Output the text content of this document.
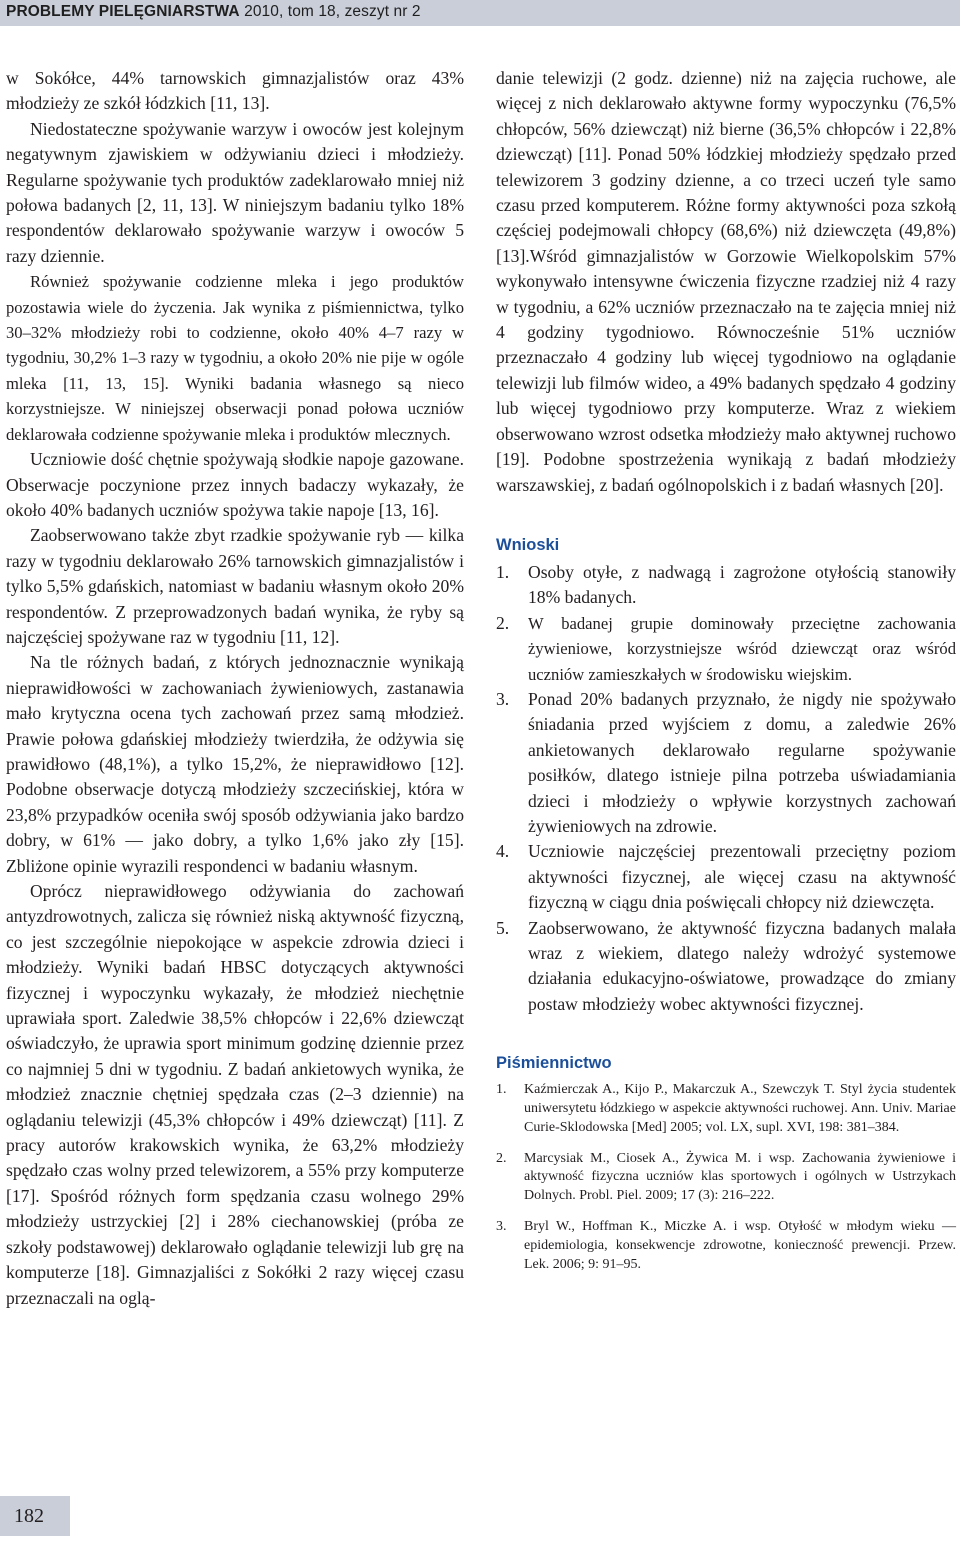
PROBLEMY PIELĘGNIARSTWA 2010, tom 18, zeszyt nr 2

w Sokółce, 44% tarnowskich gimnazjalistów oraz 43% młodzieży ze szkół łódzkich [11, 13].

Niedostateczne spożywanie warzyw i owoców jest kolejnym negatywnym zjawiskiem w odżywianiu dzieci i młodzieży. Regularne spożywanie tych produktów zadeklarowało mniej niż połowa badanych [2, 11, 13]. W niniejszym badaniu tylko 18% respondentów deklarowało spożywanie warzyw i owoców 5 razy dziennie.

Również spożywanie codzienne mleka i jego produktów pozostawia wiele do życzenia. Jak wynika z piśmiennictwa, tylko 30–32% młodzieży robi to codzienne, około 40% 4–7 razy w tygodniu, 30,2% 1–3 razy w tygodniu, a około 20% nie pije w ogóle mleka [11, 13, 15]. Wyniki badania własnego są nieco korzystniejsze. W niniejszej obserwacji ponad połowa uczniów deklarowała codzienne spożywanie mleka i produktów mlecznych.

Uczniowie dość chętnie spożywają słodkie napoje gazowane. Obserwacje poczynione przez innych badaczy wykazały, że około 40% badanych uczniów spożywa takie napoje [13, 16].

Zaobserwowano także zbyt rzadkie spożywanie ryb — kilka razy w tygodniu deklarowało 26% tarnowskich gimnazjalistów i tylko 5,5% gdańskich, natomiast w badaniu własnym około 20% respondentów. Z przeprowadzonych badań wynika, że ryby są najczęściej spożywane raz w tygodniu [11, 12].

Na tle różnych badań, z których jednoznacznie wynikają nieprawidłowości w zachowaniach żywieniowych, zastanawia mało krytyczna ocena tych zachowań przez samą młodzież. Prawie połowa gdańskiej młodzieży twierdziła, że odżywia się prawidłowo (48,1%), a tylko 15,2%, że nieprawidłowo [12]. Podobne obserwacje dotyczą młodzieży szczecińskiej, która w 23,8% przypadków oceniła swój sposób odżywiania jako bardzo dobry, w 61% — jako dobry, a tylko 1,6% jako zły [15]. Zbliżone opinie wyrazili respondenci w badaniu własnym.

Oprócz nieprawidłowego odżywiania do zachowań antyzdrowotnych, zalicza się również niską aktywność fizyczną, co jest szczególnie niepokojące w aspekcie zdrowia dzieci i młodzieży. Wyniki badań HBSC dotyczących aktywności fizycznej i wypoczynku wykazały, że młodzież niechętnie uprawiała sport. Zaledwie 38,5% chłopców i 22,6% dziewcząt oświadczyło, że uprawia sport minimum godzinę dziennie przez co najmniej 5 dni w tygodniu. Z badań ankietowych wynika, że młodzież znacznie chętniej spędzała czas (2–3 dziennie) na oglądaniu telewizji (45,3% chłopców i 49% dziewcząt) [11]. Z pracy autorów krakowskich wynika, że 63,2% młodzieży spędzało czas wolny przed telewizorem, a 55% przy komputerze [17]. Spośród różnych form spędzania czasu wolnego 29% młodzieży ustrzyckiej [2] i 28% ciechanowskiej (próba ze szkoły podstawowej) deklarowało oglądanie telewizji lub grę na komputerze [18]. Gimnazjaliści z Sokółki 2 razy więcej czasu przeznaczali na oglą-

danie telewizji (2 godz. dzienne) niż na zajęcia ruchowe, ale więcej z nich deklarowało aktywne formy wypoczynku (76,5% chłopców, 56% dziewcząt) niż bierne (36,5% chłopców i 22,8% dziewcząt) [11]. Ponad 50% łódzkiej młodzieży spędzało przed telewizorem 3 godziny dzienne, a co trzeci uczeń tyle samo czasu przed komputerem. Różne formy aktywności poza szkołą częściej podejmowali chłopcy (68,6%) niż dziewczęta (49,8%) [13].Wśród gimnazjalistów w Gorzowie Wielkopolskim 57% wykonywało intensywne ćwiczenia fizyczne rzadziej niż 4 razy w tygodniu, a 62% uczniów przeznaczało na te zajęcia mniej niż 4 godziny tygodniowo. Równocześnie 51% uczniów przeznaczało 4 godziny lub więcej tygodniowo na oglądanie telewizji lub filmów wideo, a 49% badanych spędzało 4 godziny lub więcej tygodniowo przy komputerze. Wraz z wiekiem obserwowano wzrost odsetka młodzieży mało aktywnej ruchowo [19]. Podobne spostrzeżenia wynikają z badań młodzieży warszawskiej, z badań ogólnopolskich i z badań własnych [20].

Wnioski
1.	Osoby otyłe, z nadwagą i zagrożone otyłością stanowiły 18% badanych.
2.	W badanej grupie dominowały przeciętne zachowania żywieniowe, korzystniejsze wśród dziewcząt oraz wśród uczniów zamieszkałych w środowisku wiejskim.
3.	Ponad 20% badanych przyznało, że nigdy nie spożywało śniadania przed wyjściem z domu, a zaledwie 26% ankietowanych deklarowało regularne spożywanie posiłków, dlatego istnieje pilna potrzeba uświadamiania dzieci i młodzieży o wpływie korzystnych zachowań żywieniowych na zdrowie.
4.	Uczniowie najczęściej prezentowali przeciętny poziom aktywności fizycznej, ale więcej czasu na aktywność fizyczną w ciągu dnia poświęcali chłopcy niż dziewczęta.
5.	Zaobserwowano, że aktywność fizyczna badanych malała wraz z wiekiem, dlatego należy wdrożyć systemowe działania edukacyjno-oświatowe, prowadzące do zmiany postaw młodzieży wobec aktywności fizycznej.
Piśmiennictwo
1.	Kaźmierczak A., Kijo P., Makarczuk A., Szewczyk T. Styl życia studentek uniwersytetu łódzkiego w aspekcie aktywności ruchowej. Ann. Univ. Mariae Curie-Sklodowska [Med] 2005; vol. LX, supl. XVI, 198: 381–384.
2.	Marcysiak M., Ciosek A., Żywica M. i wsp. Zachowania żywieniowe i aktywność fizyczna uczniów klas sportowych i ogólnych w Ustrzykach Dolnych. Probl. Piel. 2009; 17 (3): 216–222.
3.	Bryl W., Hoffman K., Miczke A. i wsp. Otyłość w młodym wieku — epidemiologia, konsekwencje zdrowotne, konieczność prewencji. Przew. Lek. 2006; 9: 91–95.
182
